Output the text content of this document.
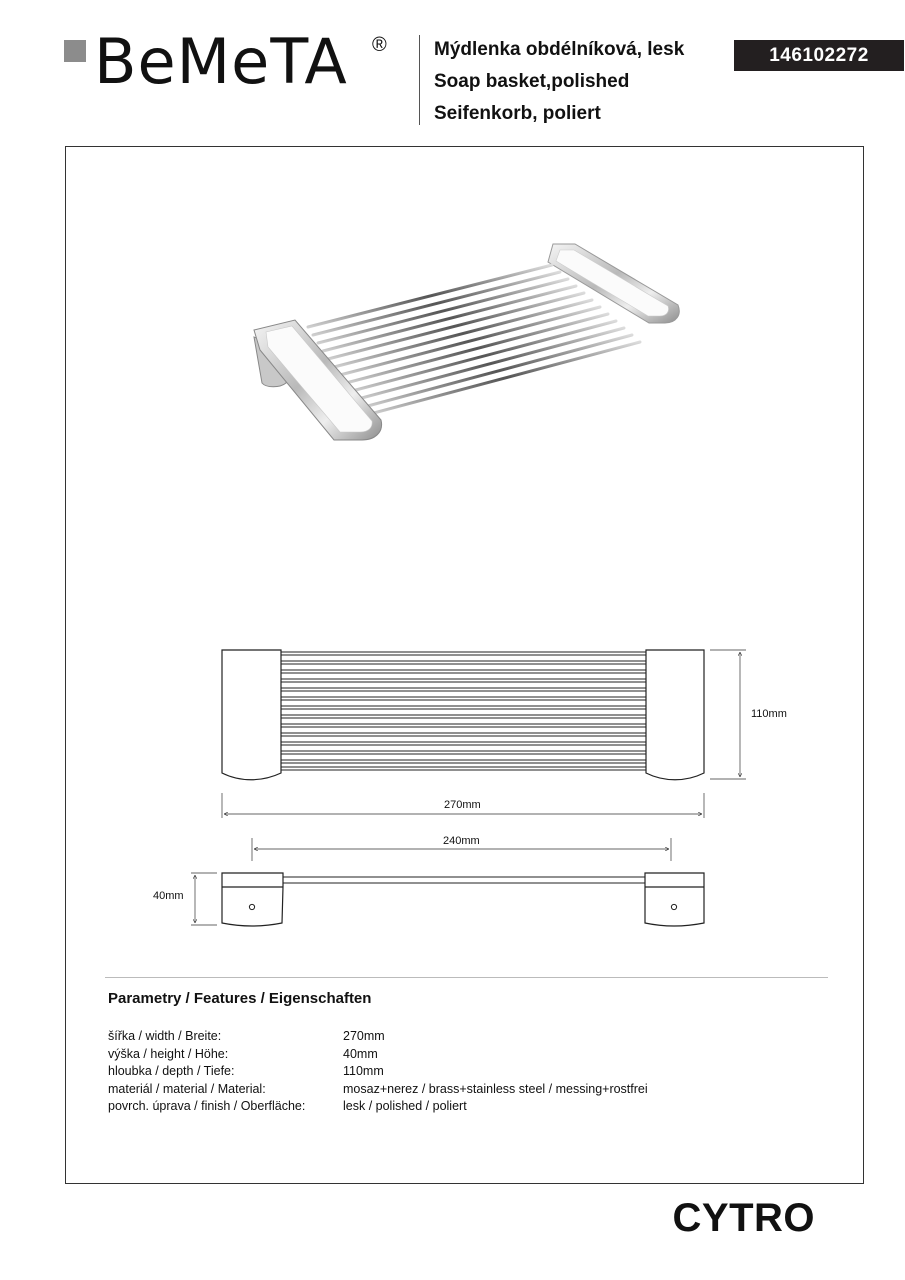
BeMeTA ® Mýdlenka obdélníková, lesk
Soap basket,polished
Seifenkorb, poliert
146102272
110mm
270mm
240mm
40mm
Parametry / Features / Eigenschaften
šířka / width / Breite:	270mm
výška / height / Höhe:	40mm
hloubka / depth / Tiefe:	110mm
materiál / material / Material:	mosaz+nerez / brass+stainless steel / messing+rostfrei
povrch. úprava / finish / Oberfläche:	lesk / polished / poliert
CYTRO
